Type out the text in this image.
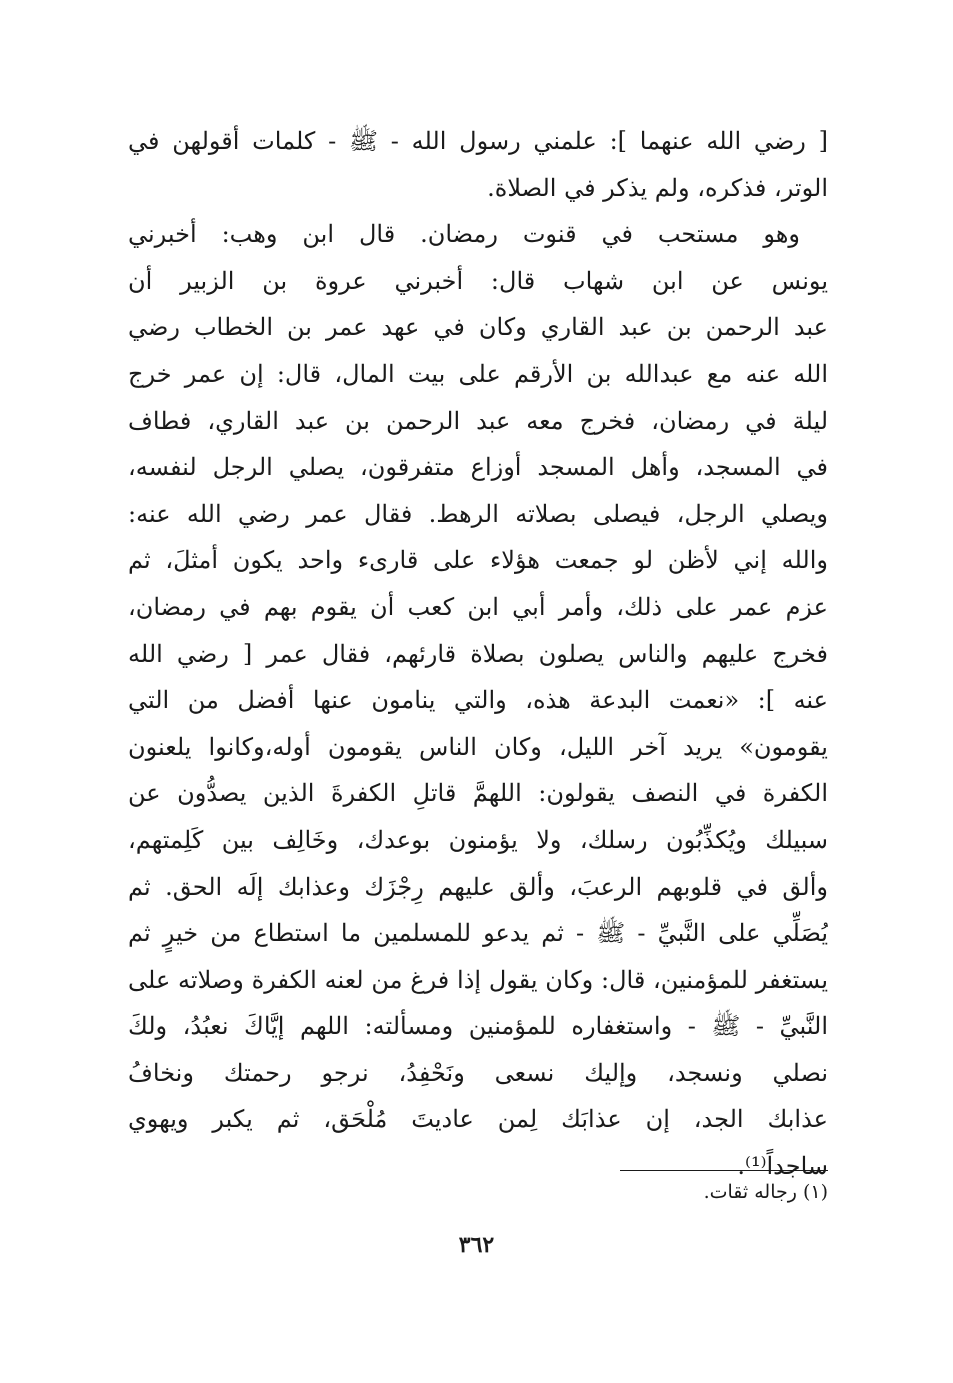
[ رضي الله عنهما ]: علمني رسول الله - ﷺ - كلمات أقولهن في
الوتر، فذكره، ولم يذكر في الصلاة.
وهو مستحب في قنوت رمضان. قال ابن وهب: أخبرني
يونس عن ابن شهاب قال: أخبرني عروة بن الزبير أن
عبد الرحمن بن عبد القاري وكان في عهد عمر بن الخطاب رضي
الله عنه مع عبدالله بن الأرقم على بيت المال، قال: إن عمر خرج
ليلة في رمضان، فخرج معه عبد الرحمن بن عبد القاري، فطاف
في المسجد، وأهل المسجد أوزاع متفرقون، يصلي الرجل لنفسه،
ويصلي الرجل، فيصلى بصلاته الرهط. فقال عمر رضي الله عنه:
والله إني لأظن لو جمعت هؤلاء على قارىء واحد يكون أمثلَ، ثم
عزم عمر على ذلك، وأمر أبي ابن كعب أن يقوم بهم في رمضان،
فخرج عليهم والناس يصلون بصلاة قارئهم، فقال عمر [ رضي الله
عنه ]: «نعمت البدعة هذه، والتي ينامون عنها أفضل من التي
يقومون» يريد آخر الليل، وكان الناس يقومون أوله،وكانوا يلعنون
الكفرة في النصف يقولون: اللهمَّ قاتلِ الكفرةَ الذين يصدُّون عن
سبيلك ويُكذِّبُون رسلك، ولا يؤمنون بوعدك، وخَالِف بين كَلِمتهم،
وألق في قلوبهم الرعبَ، وألق عليهم رِجْزَك وعذابك إلَه الحق. ثم
يُصَلِّي على النَّبيِّ - ﷺ - ثم يدعو للمسلمين ما استطاع من خيرٍ ثم
يستغفر للمؤمنين، قال: وكان يقول إذا فرغ من لعنه الكفرة وصلاته على
النَّبيِّ - ﷺ - واستغفاره للمؤمنين ومسألته: اللهم إيَّاكَ نعبُدُ، ولكَ
نصلي ونسجد، وإليك نسعى ونَحْفِدُ، نرجو رحمتك ونخافُ
عذابك الجد، إن عذابَك لِمن عاديتَ مُلْحَق، ثم يكبر ويهوي
ساجداً⁽¹⁾.
(١) رجاله ثقات.
٣٦٢
